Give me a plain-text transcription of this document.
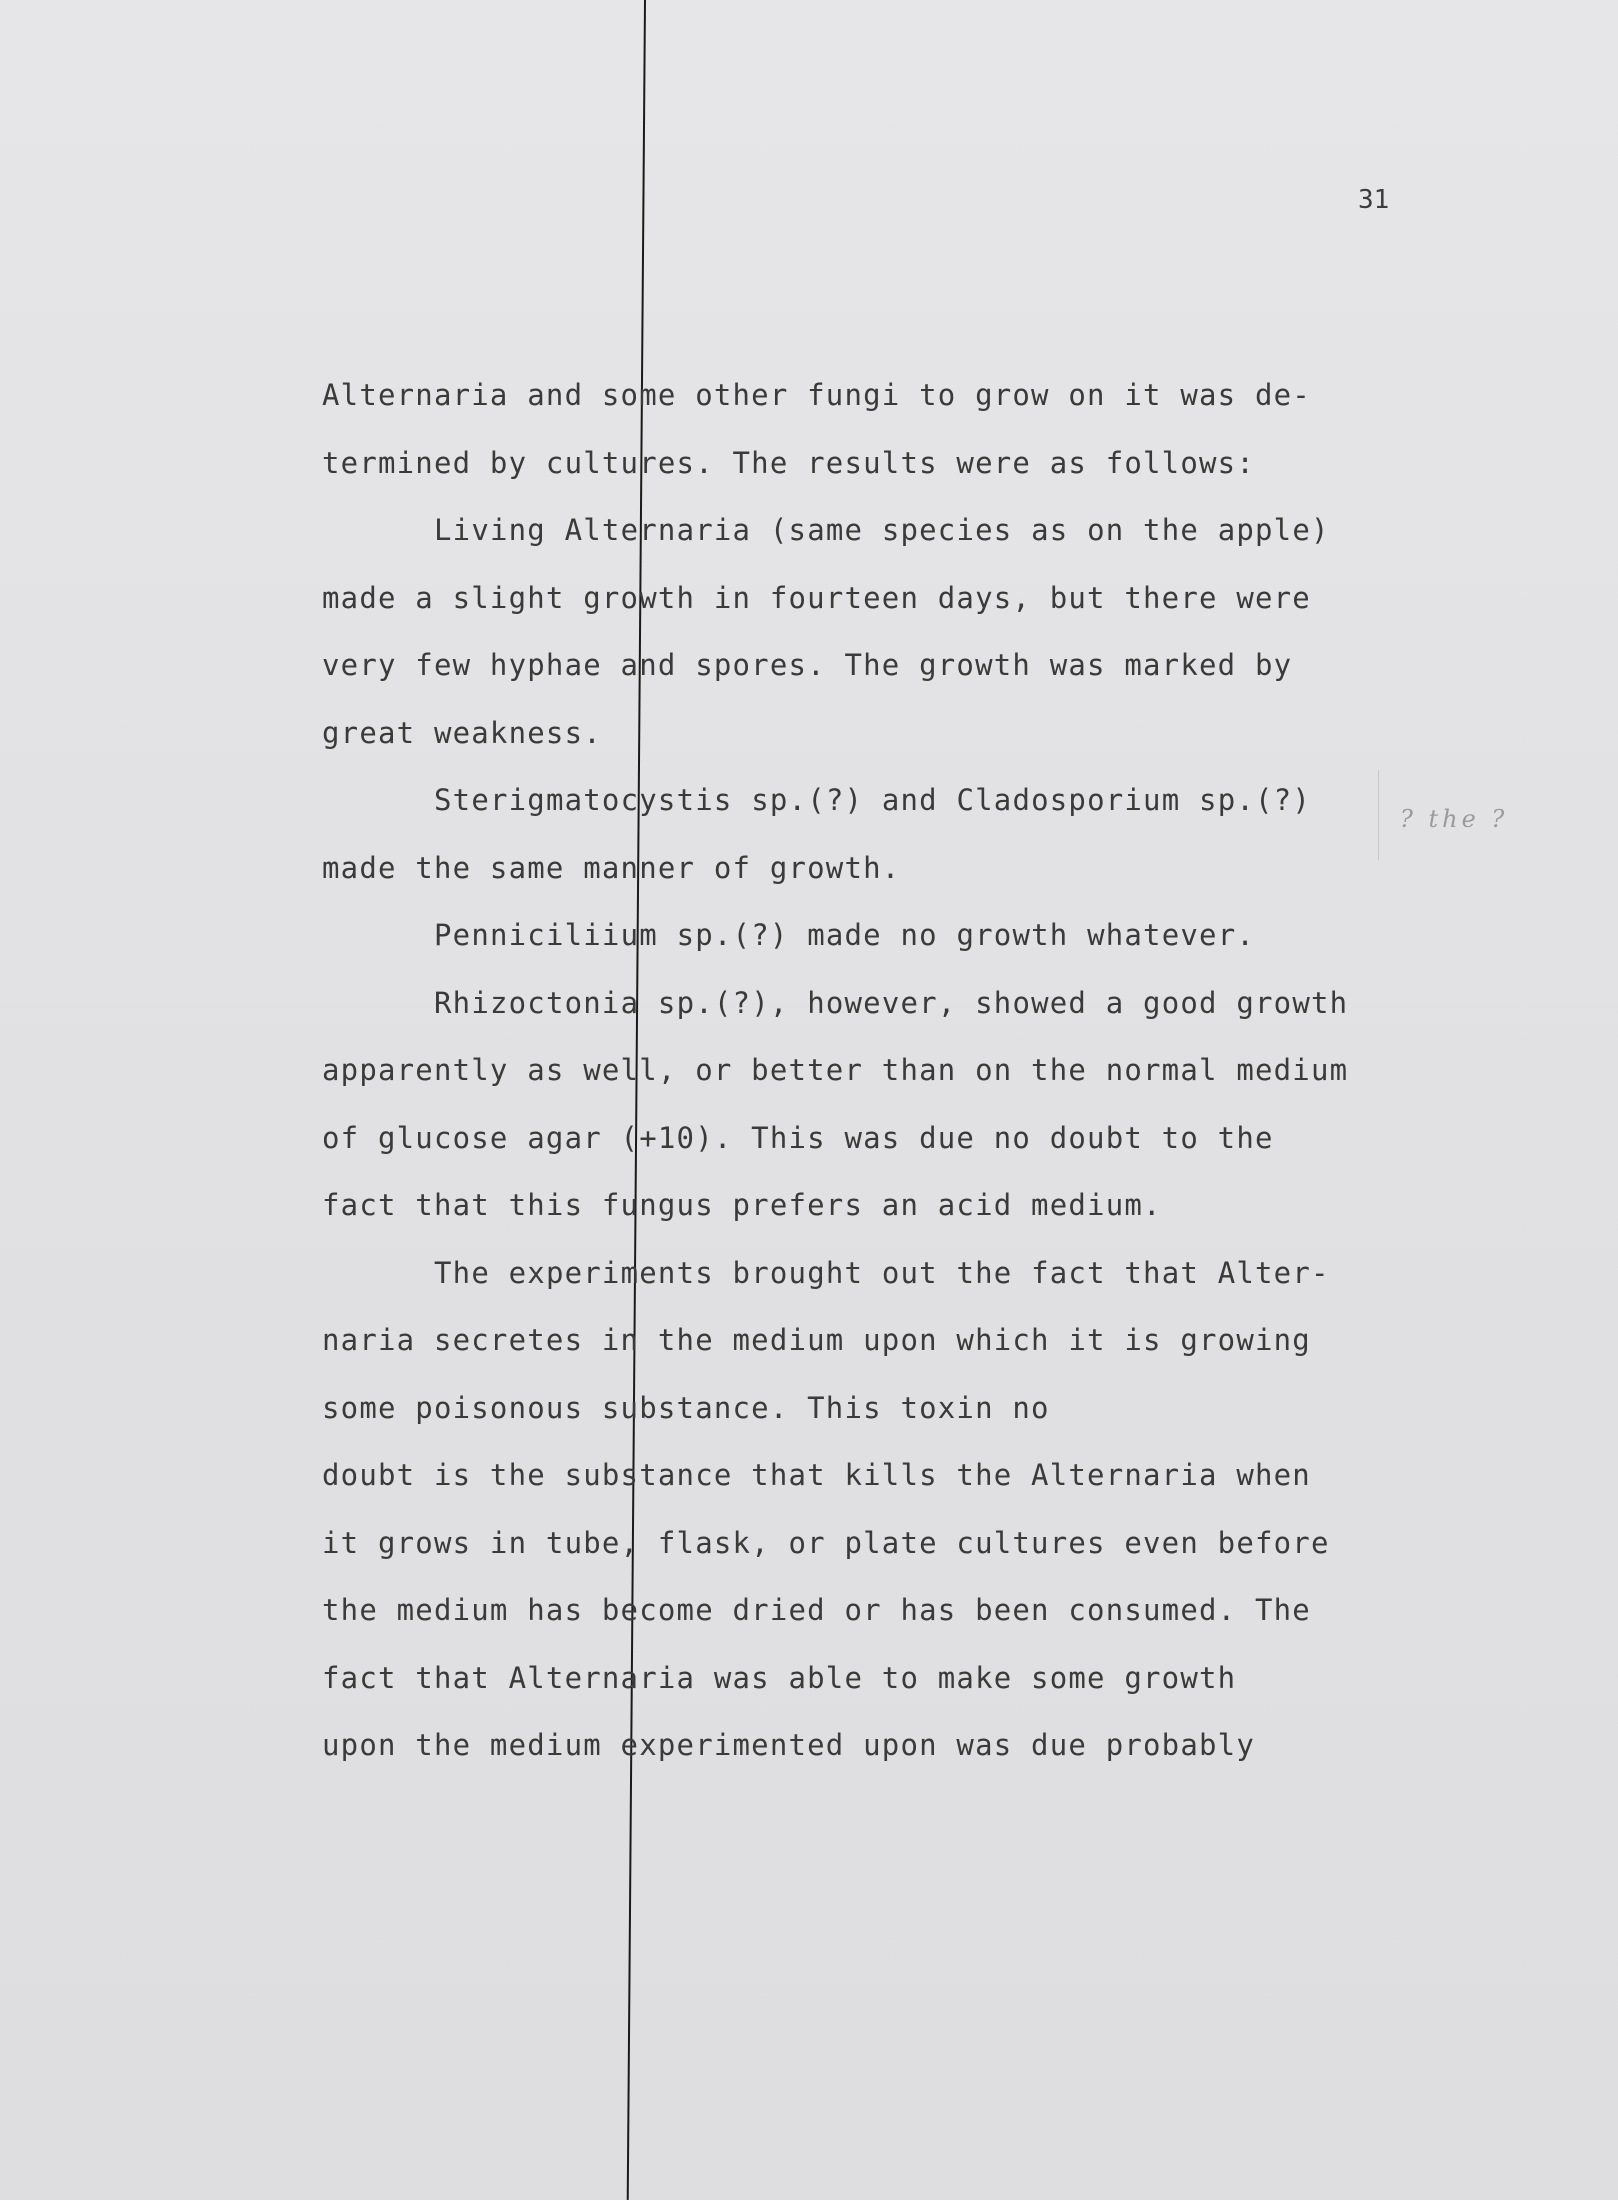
31
? the ?
Alternaria and some other fungi to grow on it was de-
termined by cultures. The results were as follows:
Living Alternaria (same species as on the apple)
made a slight growth in fourteen days, but there were
very few hyphae and spores. The growth was marked by
great weakness.
Sterigmatocystis sp.(?) and Cladosporium sp.(?)
made the same manner of growth.
Penniciliium sp.(?) made no growth whatever.
Rhizoctonia sp.(?), however, showed a good growth
apparently as well, or better than on the normal medium
of glucose agar (+10). This was due no doubt to the
fact that this fungus prefers an acid medium.
The experiments brought out the fact that Alter-
naria secretes in the medium upon which it is growing
some poisonous substance. This toxin no
doubt is the substance that kills the Alternaria when
it grows in tube, flask, or plate cultures even before
the medium has become dried or has been consumed. The
fact that Alternaria was able to make some growth
upon the medium experimented upon was due probably
